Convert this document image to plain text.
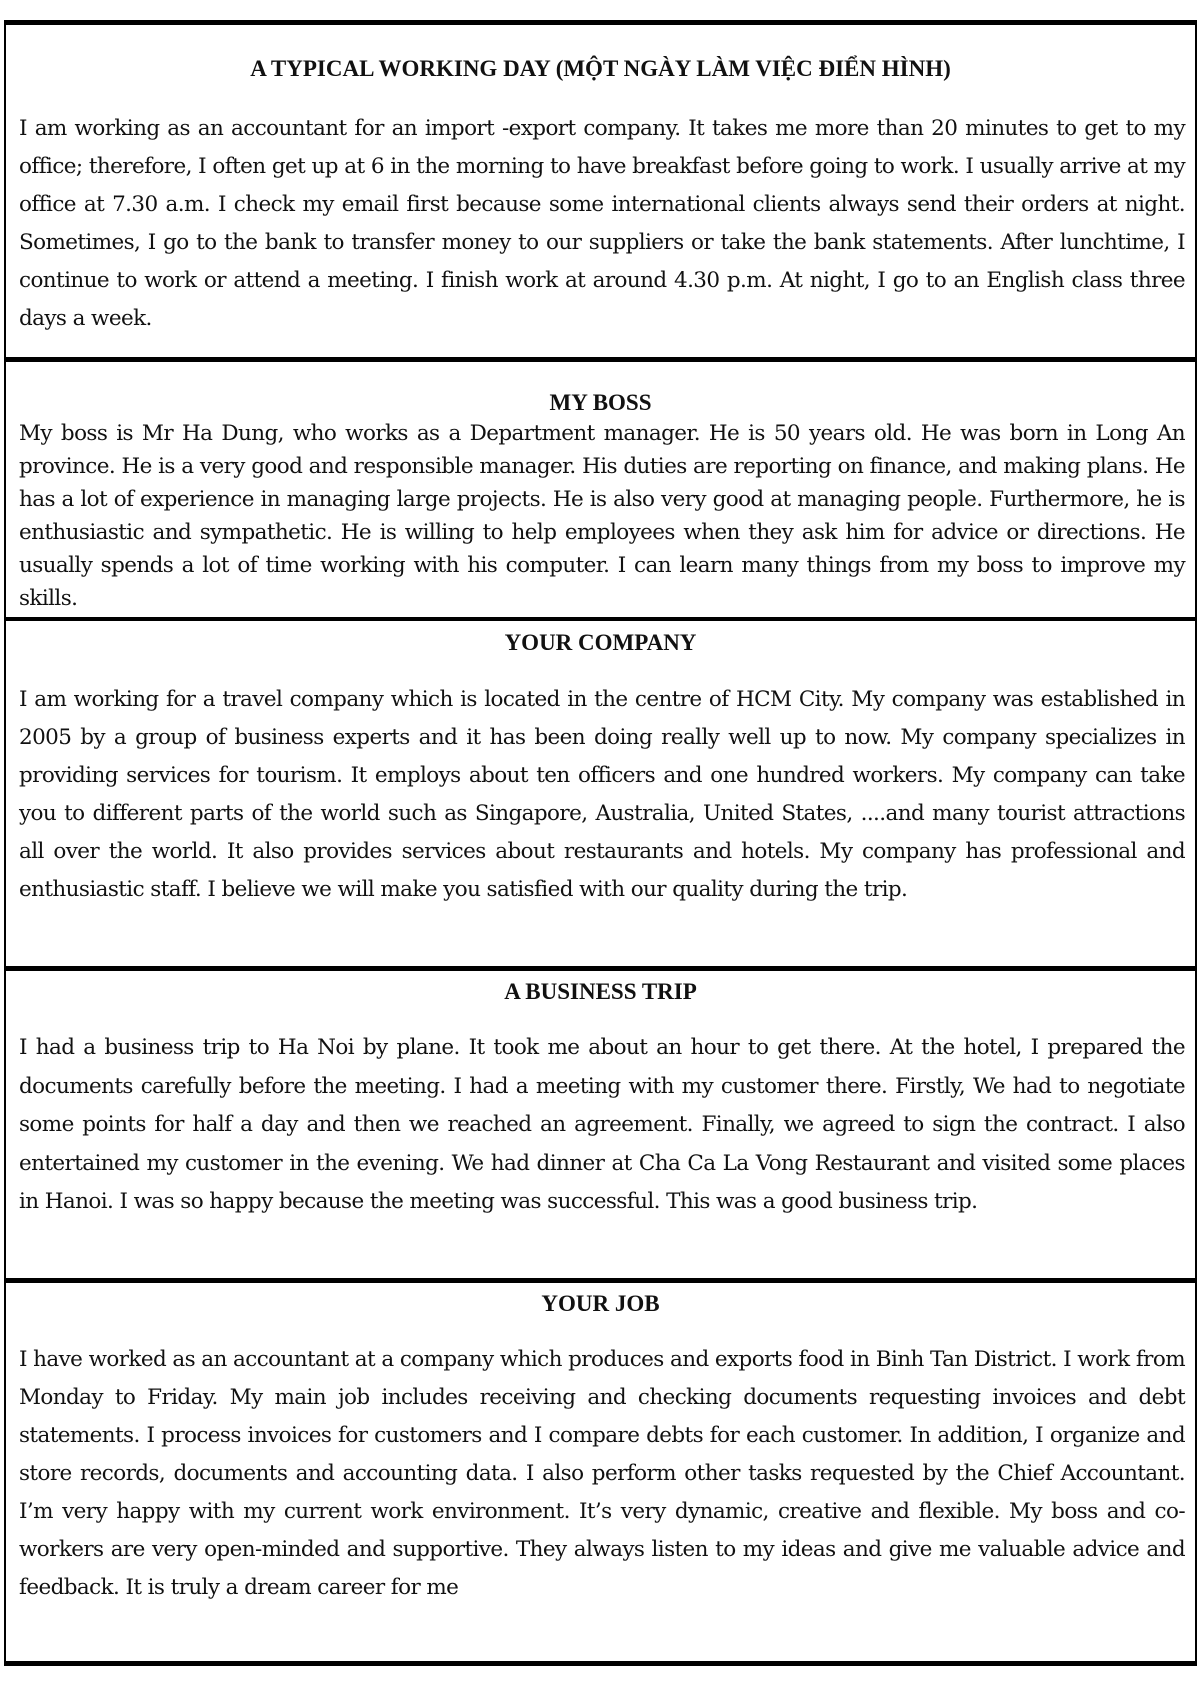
A TYPICAL WORKING DAY (MỘT NGÀY LÀM VIỆC ĐIỂN HÌNH)

I am working as an accountant for an import -export company. It takes me more than 20 minutes to get to my office; therefore, I often get up at 6 in the morning to have breakfast before going to work. I usually arrive at my office at 7.30 a.m. I check my email first because some international clients always send their orders at night. Sometimes, I go to the bank to transfer money to our suppliers or take the bank statements. After lunchtime, I continue to work or attend a meeting. I finish work at around 4.30 p.m. At night, I go to an English class three days a week.

MY BOSS

My boss is Mr Ha Dung, who works as a Department manager. He is 50 years old. He was born in Long An province. He is a very good and responsible manager. His duties are reporting on finance, and making plans. He has a lot of experience in managing large projects. He is also very good at managing people. Furthermore, he is enthusiastic and sympathetic. He is willing to help employees when they ask him for advice or directions. He usually spends a lot of time working with his computer. I can learn many things from my boss to improve my skills.

YOUR COMPANY

I am working for a travel company which is located in the centre of HCM City. My company was established in 2005 by a group of business experts and it has been doing really well up to now. My company specializes in providing services for tourism. It employs about ten officers and one hundred workers. My company can take you to different parts of the world such as Singapore, Australia, United States, ....and many tourist attractions all over the world. It also provides services about restaurants and hotels. My company has professional and enthusiastic staff. I believe we will make you satisfied with our quality during the trip.

A BUSINESS TRIP

I had a business trip to Ha Noi by plane. It took me about an hour to get there. At the hotel, I prepared the documents carefully before the meeting. I had a meeting with my customer there. Firstly, We had to negotiate some points for half a day and then we reached an agreement. Finally, we agreed to sign the contract. I also entertained my customer in the evening. We had dinner at Cha Ca La Vong Restaurant and visited some places in Hanoi. I was so happy because the meeting was successful. This was a good business trip.

YOUR JOB

I have worked as an accountant at a company which produces and exports food in Binh Tan District. I work from Monday to Friday. My main job includes receiving and checking documents requesting invoices and debt statements. I process invoices for customers and I compare debts for each customer. In addition, I organize and store records, documents and accounting data. I also perform other tasks requested by the Chief Accountant. I’m very happy with my current work environment. It’s very dynamic, creative and flexible. My boss and co-workers are very open-minded and supportive. They always listen to my ideas and give me valuable advice and feedback. It is truly a dream career for me
